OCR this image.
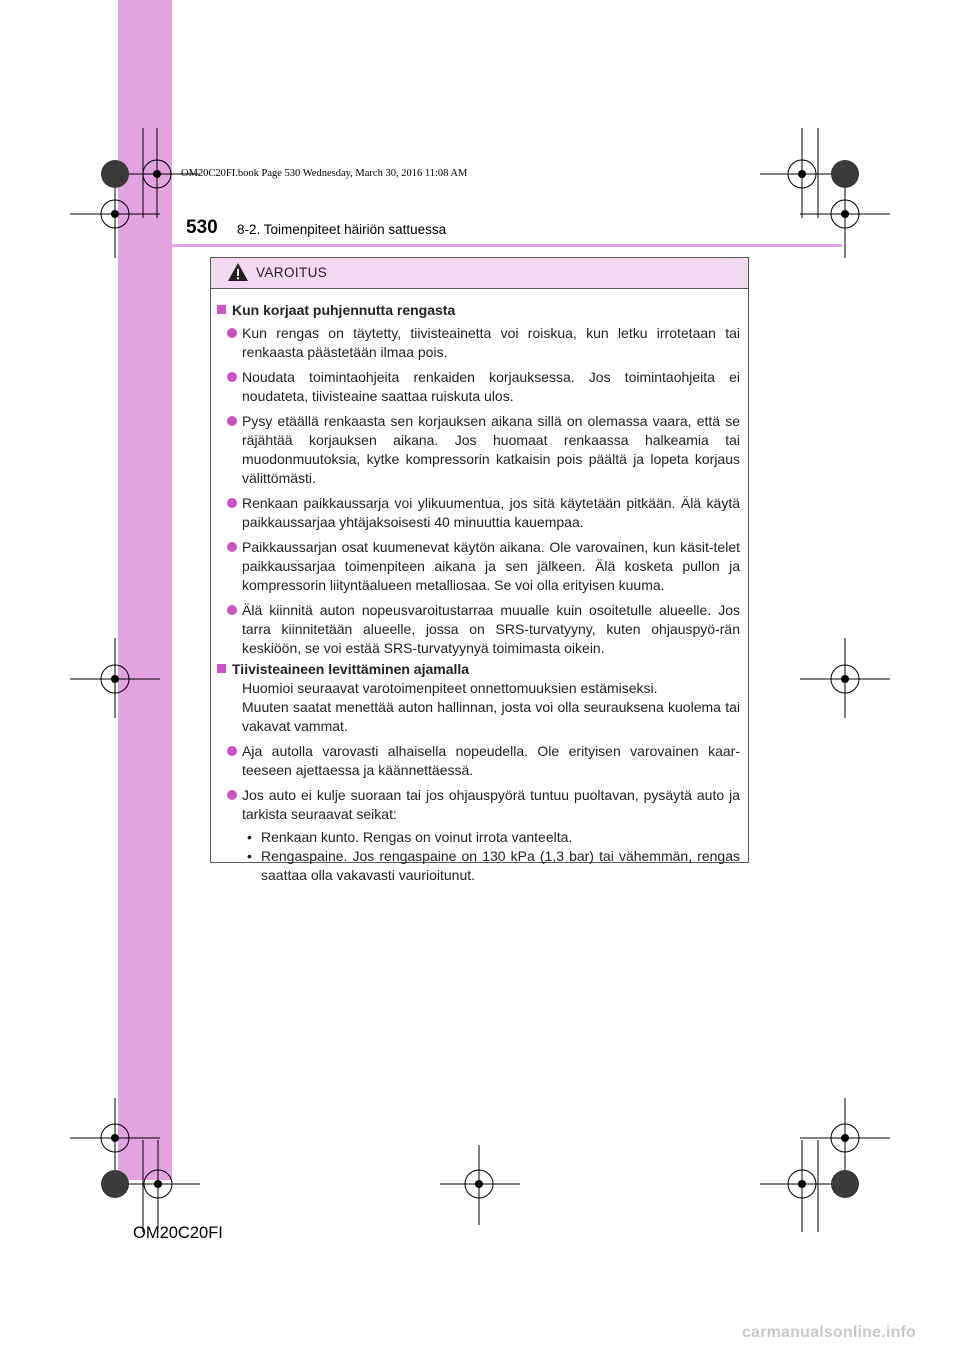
OM20C20FI.book Page 530 Wednesday, March 30, 2016 11:08 AM
530 8-2. Toimenpiteet häiriön sattuessa
VAROITUS
Kun korjaat puhjennutta rengasta
Kun rengas on täytetty, tiivisteainetta voi roiskua, kun letku irrotetaan tai renkaasta päästetään ilmaa pois.
Noudata toimintaohjeita renkaiden korjauksessa. Jos toimintaohjeita ei noudateta, tiivisteaine saattaa ruiskuta ulos.
Pysy etäällä renkaasta sen korjauksen aikana sillä on olemassa vaara, että se räjähtää korjauksen aikana. Jos huomaat renkaassa halkeamia tai muodonmuutoksia, kytke kompressorin katkaisin pois päältä ja lopeta korjaus välittömästi.
Renkaan paikkaussarja voi ylikuumentua, jos sitä käytetään pitkään. Älä käytä paikkaussarjaa yhtäjaksoisesti 40 minuuttia kauempaa.
Paikkaussarjan osat kuumenevat käytön aikana. Ole varovainen, kun käsit-telet paikkaussarjaa toimenpiteen aikana ja sen jälkeen. Älä kosketa pullon ja kompressorin liityntäalueen metalliosaa. Se voi olla erityisen kuuma.
Älä kiinnitä auton nopeusvaroitustarraa muualle kuin osoitetulle alueelle. Jos tarra kiinnitetään alueelle, jossa on SRS-turvatyyny, kuten ohjauspyö-rän keskiöön, se voi estää SRS-turvatyynyä toimimasta oikein.
Tiivisteaineen levittäminen ajamalla
Huomioi seuraavat varotoimenpiteet onnettomuuksien estämiseksi.
Muuten saatat menettää auton hallinnan, josta voi olla seurauksena kuolema tai vakavat vammat.
Aja autolla varovasti alhaisella nopeudella. Ole erityisen varovainen kaar-teeseen ajettaessa ja käännettäessä.
Jos auto ei kulje suoraan tai jos ohjauspyörä tuntuu puoltavan, pysäytä auto ja tarkista seuraavat seikat:
• Renkaan kunto. Rengas on voinut irrota vanteelta.
• Rengaspaine. Jos rengaspaine on 130 kPa (1,3 bar) tai vähemmän, rengas saattaa olla vakavasti vaurioitunut.
OM20C20FI
carmanualsonline.info
